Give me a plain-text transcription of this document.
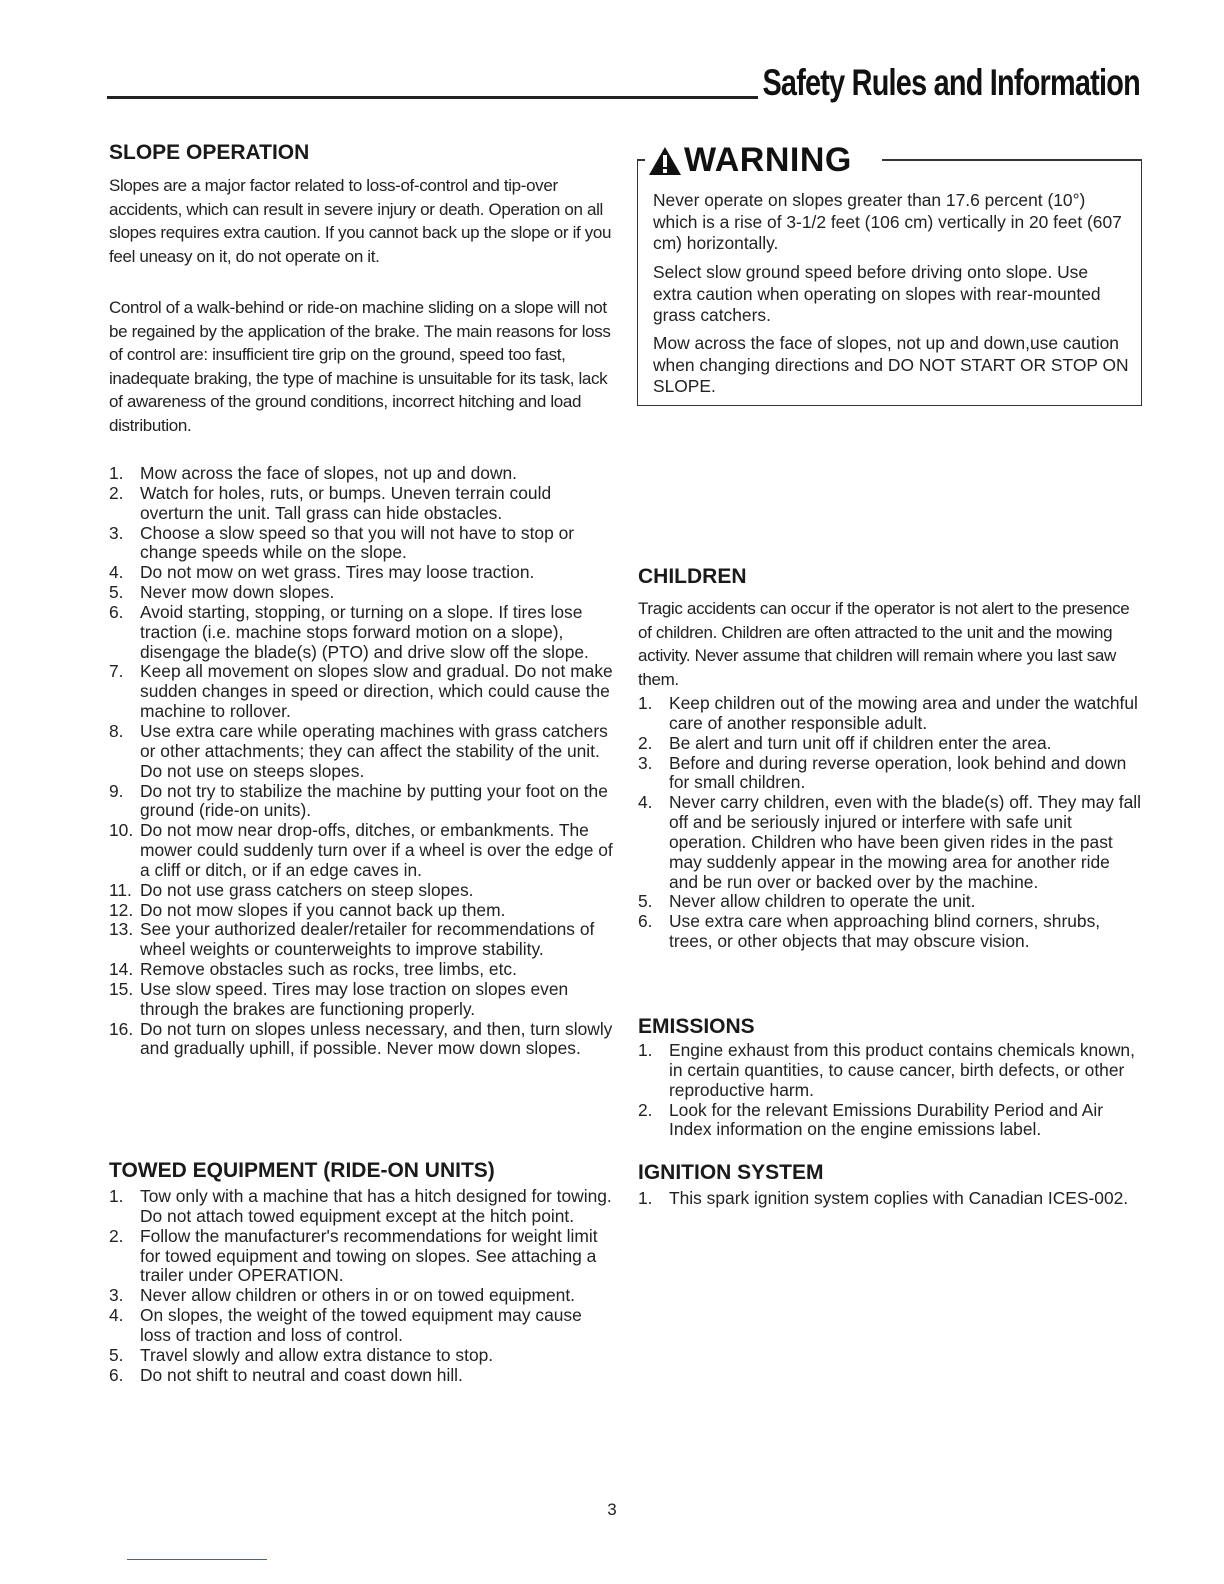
Safety Rules and Information
SLOPE OPERATION

Slopes are a major factor related to loss-of-control and tip-over accidents, which can result in severe injury or death. Operation on all slopes requires extra caution. If you cannot back up the slope or if you feel uneasy on it, do not operate on it.

Control of a walk-behind or ride-on machine sliding on a slope will not be regained by the application of the brake. The main reasons for loss of control are: insufficient tire grip on the ground, speed too fast, inadequate braking, the type of machine is unsuitable for its task, lack of awareness of the ground conditions, incorrect hitching and load distribution.

1. Mow across the face of slopes, not up and down.
2. Watch for holes, ruts, or bumps. Uneven terrain could overturn the unit. Tall grass can hide obstacles.
3. Choose a slow speed so that you will not have to stop or change speeds while on the slope.
4. Do not mow on wet grass. Tires may loose traction.
5. Never mow down slopes.
6. Avoid starting, stopping, or turning on a slope. If tires lose traction (i.e. machine stops forward motion on a slope), disengage the blade(s) (PTO) and drive slow off the slope.
7. Keep all movement on slopes slow and gradual. Do not make sudden changes in speed or direction, which could cause the machine to rollover.
8. Use extra care while operating machines with grass catchers or other attachments; they can affect the stability of the unit. Do not use on steeps slopes.
9. Do not try to stabilize the machine by putting your foot on the ground (ride-on units).
10. Do not mow near drop-offs, ditches, or embankments. The mower could suddenly turn over if a wheel is over the edge of a cliff or ditch, or if an edge caves in.
11. Do not use grass catchers on steep slopes.
12. Do not mow slopes if you cannot back up them.
13. See your authorized dealer/retailer for recommendations of wheel weights or counterweights to improve stability.
14. Remove obstacles such as rocks, tree limbs, etc.
15. Use slow speed. Tires may lose traction on slopes even through the brakes are functioning properly.
16. Do not turn on slopes unless necessary, and then, turn slowly and gradually uphill, if possible. Never mow down slopes.
TOWED EQUIPMENT (RIDE-ON UNITS)
1. Tow only with a machine that has a hitch designed for towing. Do not attach towed equipment except at the hitch point.
2. Follow the manufacturer's recommendations for weight limit for towed equipment and towing on slopes. See attaching a trailer under OPERATION.
3. Never allow children or others in or on towed equipment.
4. On slopes, the weight of the towed equipment may cause loss of traction and loss of control.
5. Travel slowly and allow extra distance to stop.
6. Do not shift to neutral and coast down hill.
WARNING

Never operate on slopes greater than 17.6 percent (10°) which is a rise of 3-1/2 feet (106 cm) vertically in 20 feet (607 cm) horizontally.

Select slow ground speed before driving onto slope. Use extra caution when operating on slopes with rear-mounted grass catchers.

Mow across the face of slopes, not up and down,use caution when changing directions and DO NOT START OR STOP ON SLOPE.

CHILDREN

Tragic accidents can occur if the operator is not alert to the presence of children. Children are often attracted to the unit and the mowing activity. Never assume that children will remain where you last saw them.

1. Keep children out of the mowing area and under the watchful care of another responsible adult.
2. Be alert and turn unit off if children enter the area.
3. Before and during reverse operation, look behind and down for small children.
4. Never carry children, even with the blade(s) off. They may fall off and be seriously injured or interfere with safe unit operation. Children who have been given rides in the past may suddenly appear in the mowing area for another ride and be run over or backed over by the machine.
5. Never allow children to operate the unit.
6. Use extra care when approaching blind corners, shrubs, trees, or other objects that may obscure vision.
EMISSIONS
1. Engine exhaust from this product contains chemicals known, in certain quantities, to cause cancer, birth defects, or other reproductive harm.
2. Look for the relevant Emissions Durability Period and Air Index information on the engine emissions label.
IGNITION SYSTEM
1. This spark ignition system coplies with Canadian ICES-002.
3
